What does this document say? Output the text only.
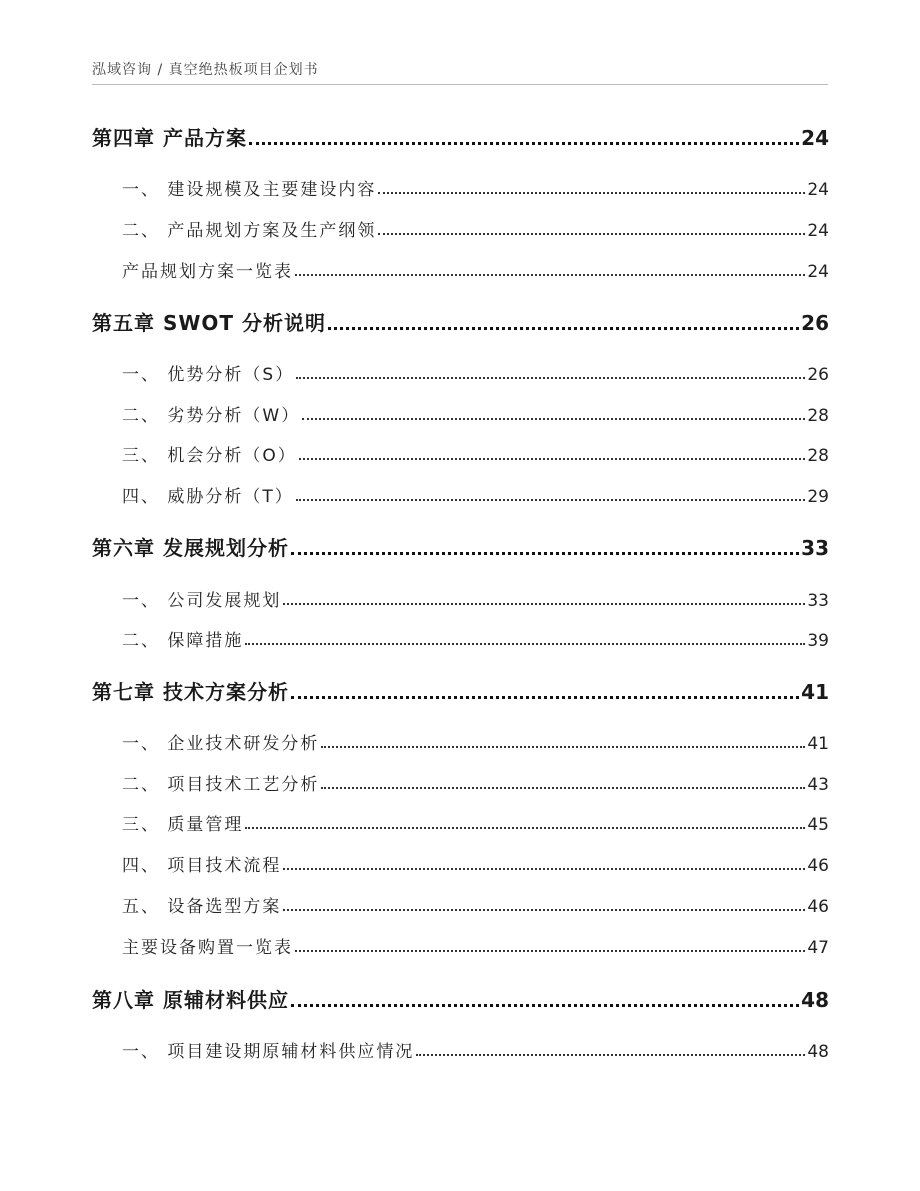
泓域咨询 / 真空绝热板项目企划书
第四章 产品方案	24
一、 建设规模及主要建设内容	24
二、 产品规划方案及生产纲领	24
产品规划方案一览表	24
第五章 SWOT 分析说明	26
一、 优势分析（S）	26
二、 劣势分析（W）	28
三、 机会分析（O）	28
四、 威胁分析（T）	29
第六章 发展规划分析	33
一、 公司发展规划	33
二、 保障措施	39
第七章 技术方案分析	41
一、 企业技术研发分析	41
二、 项目技术工艺分析	43
三、 质量管理	45
四、 项目技术流程	46
五、 设备选型方案	46
主要设备购置一览表	47
第八章 原辅材料供应	48
一、 项目建设期原辅材料供应情况	48
